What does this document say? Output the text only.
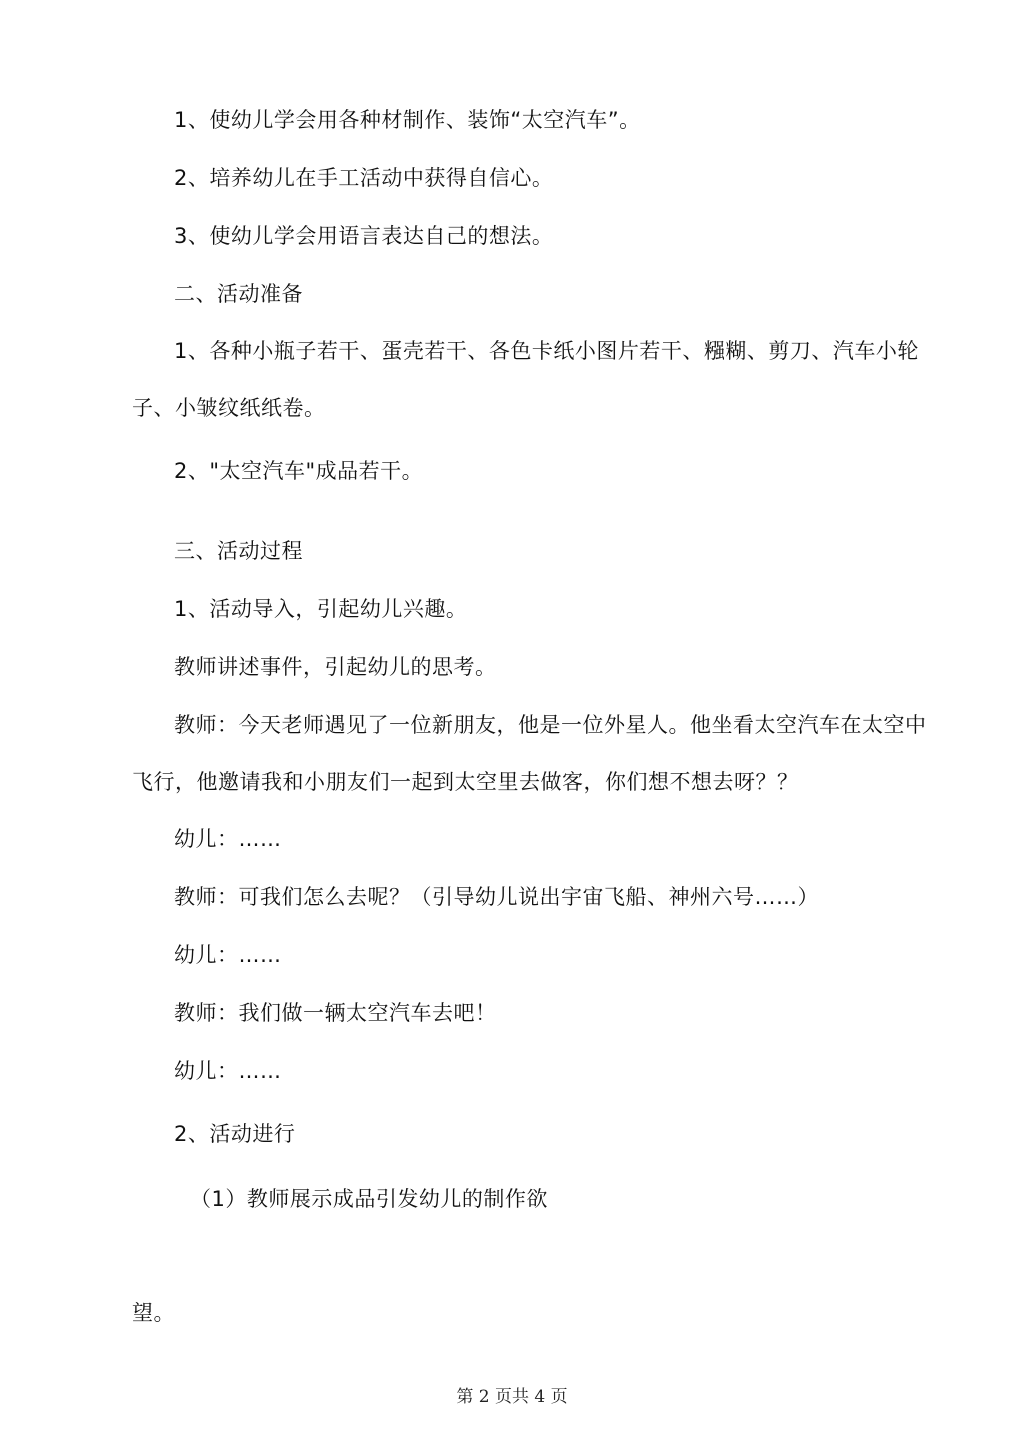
1、使幼儿学会用各种材制作、装饰“太空汽车”。

2、培养幼儿在手工活动中获得自信心。

3、使幼儿学会用语言表达自己的想法。

二、活动准备

1、各种小瓶子若干、蛋壳若干、各色卡纸小图片若干、糨糊、剪刀、汽车小轮

子、小皱纹纸纸卷。

2、"太空汽车"成品若干。

三、活动过程

1、活动导入，引起幼儿兴趣。

教师讲述事件，引起幼儿的思考。

教师：今天老师遇见了一位新朋友，他是一位外星人。他坐看太空汽车在太空中

飞行，他邀请我和小朋友们一起到太空里去做客，你们想不想去呀？？

幼儿：……

教师：可我们怎么去呢？（引导幼儿说出宇宙飞船、神州六号……）

幼儿：……

教师：我们做一辆太空汽车去吧！

幼儿：……

2、活动进行

（1）教师展示成品引发幼儿的制作欲

望。

第 2 页共 4 页
